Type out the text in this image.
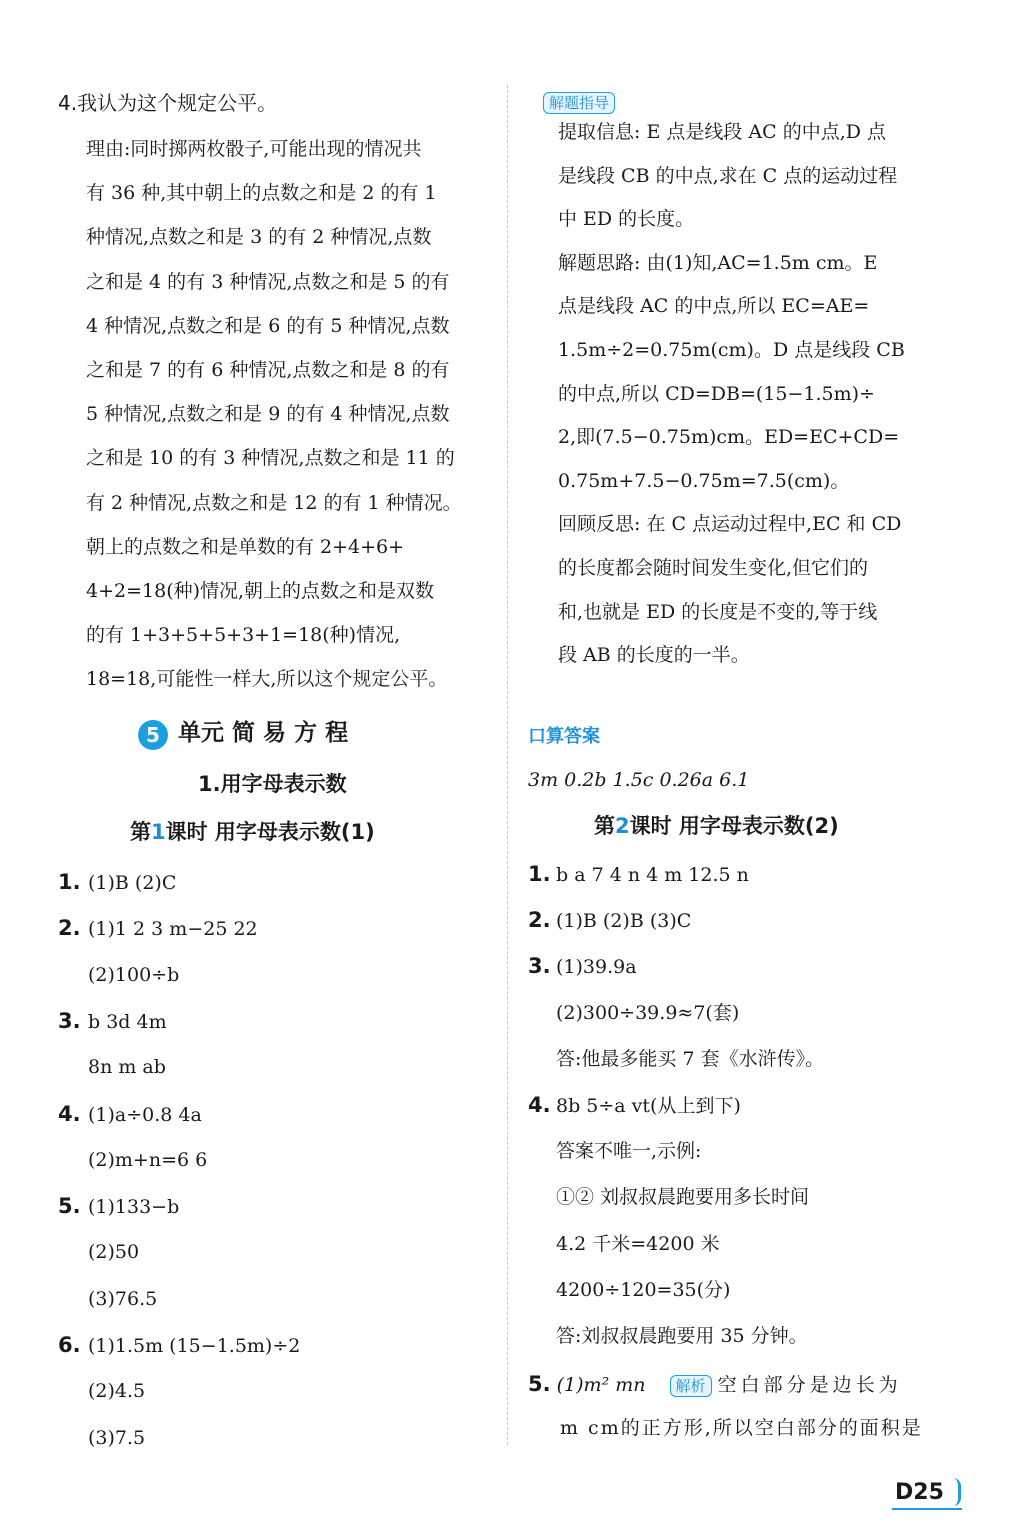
4.我认为这个规定公平。
理由:同时掷两枚骰子,可能出现的情况共
有 36 种,其中朝上的点数之和是 2 的有 1
种情况,点数之和是 3 的有 2 种情况,点数
之和是 4 的有 3 种情况,点数之和是 5 的有
4 种情况,点数之和是 6 的有 5 种情况,点数
之和是 7 的有 6 种情况,点数之和是 8 的有
5 种情况,点数之和是 9 的有 4 种情况,点数
之和是 10 的有 3 种情况,点数之和是 11 的
有 2 种情况,点数之和是 12 的有 1 种情况。
朝上的点数之和是单数的有 2+4+6+
4+2=18(种)情况,朝上的点数之和是双数
的有 1+3+5+5+3+1=18(种)情况,
18=18,可能性一样大,所以这个规定公平。
5 单元 简 易 方 程
1.用字母表示数
第1课时 用字母表示数(1)
1. (1)B (2)C
2. (1)1 2 3 m−25 22
(2)100÷b
3. b 3d 4m
8n m ab
4. (1)a÷0.8 4a
(2)m+n=6 6
5. (1)133−b
(2)50
(3)76.5
6. (1)1.5m (15−1.5m)÷2
(2)4.5
(3)7.5
解题指导
提取信息: E 点是线段 AC 的中点,D 点
是线段 CB 的中点,求在 C 点的运动过程
中 ED 的长度。
解题思路: 由(1)知,AC=1.5m cm。E
点是线段 AC 的中点,所以 EC=AE=
1.5m÷2=0.75m(cm)。D 点是线段 CB
的中点,所以 CD=DB=(15−1.5m)÷
2,即(7.5−0.75m)cm。ED=EC+CD=
0.75m+7.5−0.75m=7.5(cm)。
回顾反思: 在 C 点运动过程中,EC 和 CD
的长度都会随时间发生变化,但它们的
和,也就是 ED 的长度是不变的,等于线
段 AB 的长度的一半。
口算答案
3m 0.2b 1.5c 0.26a 6.1
第2课时 用字母表示数(2)
1. b a 7 4 n 4 m 12.5 n
2. (1)B (2)B (3)C
3. (1)39.9a
(2)300÷39.9≈7(套)
答:他最多能买 7 套《水浒传》。
4. 8b 5÷a vt(从上到下)
答案不唯一,示例:
①② 刘叔叔晨跑要用多长时间
4.2 千米=4200 米
4200÷120=35(分)
答:刘叔叔晨跑要用 35 分钟。
5. (1)m² mn 解析 空白部分是边长为
m cm的正方形,所以空白部分的面积是
D25
